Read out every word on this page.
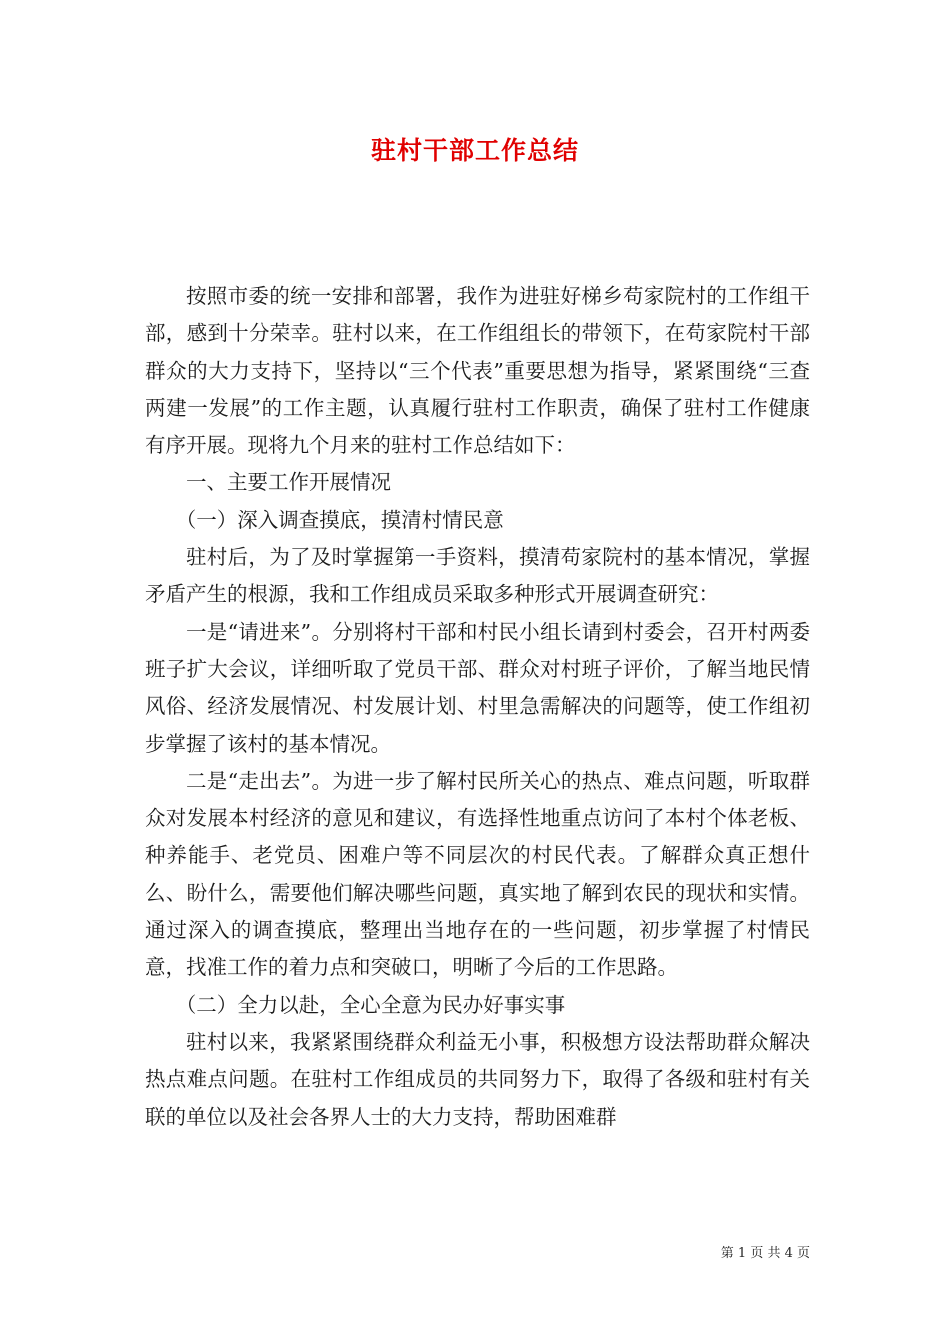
驻村干部工作总结

按照市委的统一安排和部署，我作为进驻好梯乡苟家院村的工作组干部，感到十分荣幸。驻村以来，在工作组组长的带领下，在苟家院村干部群众的大力支持下，坚持以“三个代表”重要思想为指导，紧紧围绕“三查两建一发展”的工作主题，认真履行驻村工作职责，确保了驻村工作健康有序开展。现将九个月来的驻村工作总结如下：

一、主要工作开展情况

（一）深入调查摸底，摸清村情民意

驻村后，为了及时掌握第一手资料，摸清苟家院村的基本情况，掌握矛盾产生的根源，我和工作组成员采取多种形式开展调查研究：

一是“请进来”。分别将村干部和村民小组长请到村委会，召开村两委班子扩大会议，详细听取了党员干部、群众对村班子评价，了解当地民情风俗、经济发展情况、村发展计划、村里急需解决的问题等，使工作组初步掌握了该村的基本情况。

二是“走出去”。为进一步了解村民所关心的热点、难点问题，听取群众对发展本村经济的意见和建议，有选择性地重点访问了本村个体老板、种养能手、老党员、困难户等不同层次的村民代表。了解群众真正想什么、盼什么，需要他们解决哪些问题，真实地了解到农民的现状和实情。通过深入的调查摸底，整理出当地存在的一些问题，初步掌握了村情民意，找准工作的着力点和突破口，明晰了今后的工作思路。

（二）全力以赴，全心全意为民办好事实事

驻村以来，我紧紧围绕群众利益无小事，积极想方设法帮助群众解决热点难点问题。在驻村工作组成员的共同努力下，取得了各级和驻村有关联的单位以及社会各界人士的大力支持，帮助困难群

第 1 页 共 4 页
